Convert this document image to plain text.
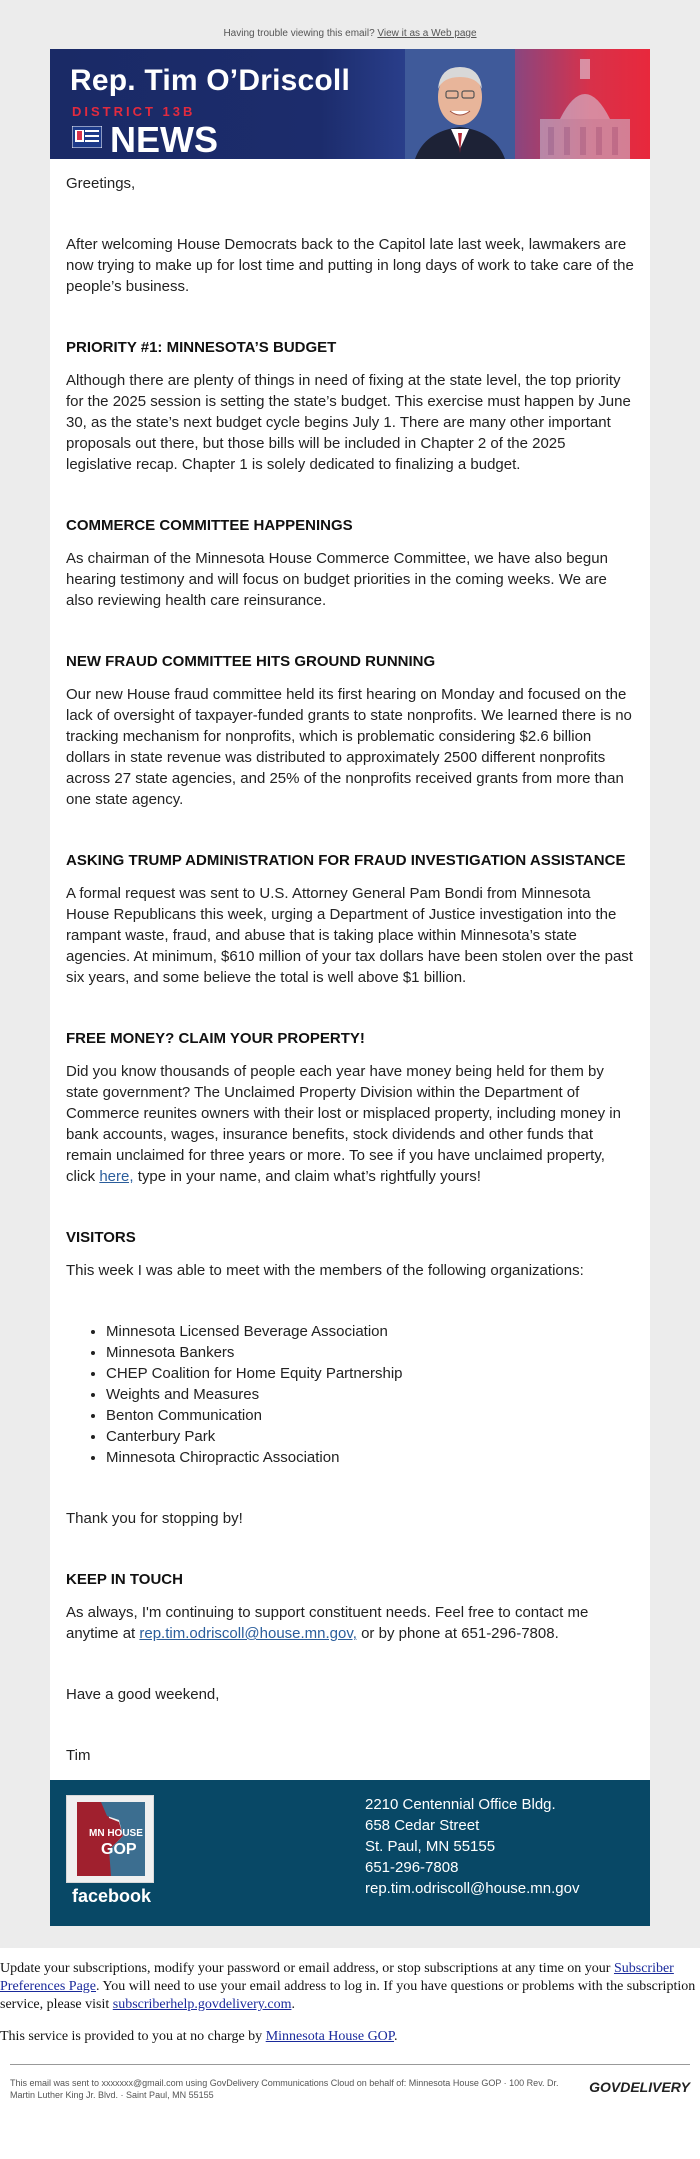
Having trouble viewing this email? View it as a Web page
Rep. Tim O’Driscoll
DISTRICT 13B
NEWS

Greetings,

After welcoming House Democrats back to the Capitol late last week, lawmakers are now trying to make up for lost time and putting in long days of work to take care of the people’s business.

PRIORITY #1: MINNESOTA’S BUDGET

Although there are plenty of things in need of fixing at the state level, the top priority for the 2025 session is setting the state’s budget. This exercise must happen by June 30, as the state’s next budget cycle begins July 1. There are many other important proposals out there, but those bills will be included in Chapter 2 of the 2025 legislative recap. Chapter 1 is solely dedicated to finalizing a budget.

COMMERCE COMMITTEE HAPPENINGS

As chairman of the Minnesota House Commerce Committee, we have also begun hearing testimony and will focus on budget priorities in the coming weeks. We are also reviewing health care reinsurance.

NEW FRAUD COMMITTEE HITS GROUND RUNNING

Our new House fraud committee held its first hearing on Monday and focused on the lack of oversight of taxpayer-funded grants to state nonprofits. We learned there is no tracking mechanism for nonprofits, which is problematic considering $2.6 billion dollars in state revenue was distributed to approximately 2500 different nonprofits across 27 state agencies, and 25% of the nonprofits received grants from more than one state agency.

ASKING TRUMP ADMINISTRATION FOR FRAUD INVESTIGATION ASSISTANCE

A formal request was sent to U.S. Attorney General Pam Bondi from Minnesota House Republicans this week, urging a Department of Justice investigation into the rampant waste, fraud, and abuse that is taking place within Minnesota’s state agencies. At minimum, $610 million of your tax dollars have been stolen over the past six years, and some believe the total is well above $1 billion.

FREE MONEY? CLAIM YOUR PROPERTY!

Did you know thousands of people each year have money being held for them by state government? The Unclaimed Property Division within the Department of Commerce reunites owners with their lost or misplaced property, including money in bank accounts, wages, insurance benefits, stock dividends and other funds that remain unclaimed for three years or more. To see if you have unclaimed property, click here, type in your name, and claim what’s rightfully yours!

VISITORS

This week I was able to meet with the members of the following organizations:

• Minnesota Licensed Beverage Association
• Minnesota Bankers
• CHEP Coalition for Home Equity Partnership
• Weights and Measures
• Benton Communication
• Canterbury Park
• Minnesota Chiropractic Association

Thank you for stopping by!

KEEP IN TOUCH

As always, I'm continuing to support constituent needs. Feel free to contact me anytime at rep.tim.odriscoll@house.mn.gov, or by phone at 651-296-7808.

Have a good weekend,

Tim

MN HOUSE
GOP
facebook
2210 Centennial Office Bldg.
658 Cedar Street
St. Paul, MN 55155
651-296-7808
rep.tim.odriscoll@house.mn.gov

Update your subscriptions, modify your password or email address, or stop subscriptions at any time on your Subscriber Preferences Page. You will need to use your email address to log in. If you have questions or problems with the subscription service, please visit subscriberhelp.govdelivery.com.

This service is provided to you at no charge by Minnesota House GOP.

This email was sent to xxxxxxx@gmail.com using GovDelivery Communications Cloud on behalf of: Minnesota House GOP · 100 Rev. Dr. Martin Luther King Jr. Blvd. · Saint Paul, MN 55155	GOVDELIVERY
